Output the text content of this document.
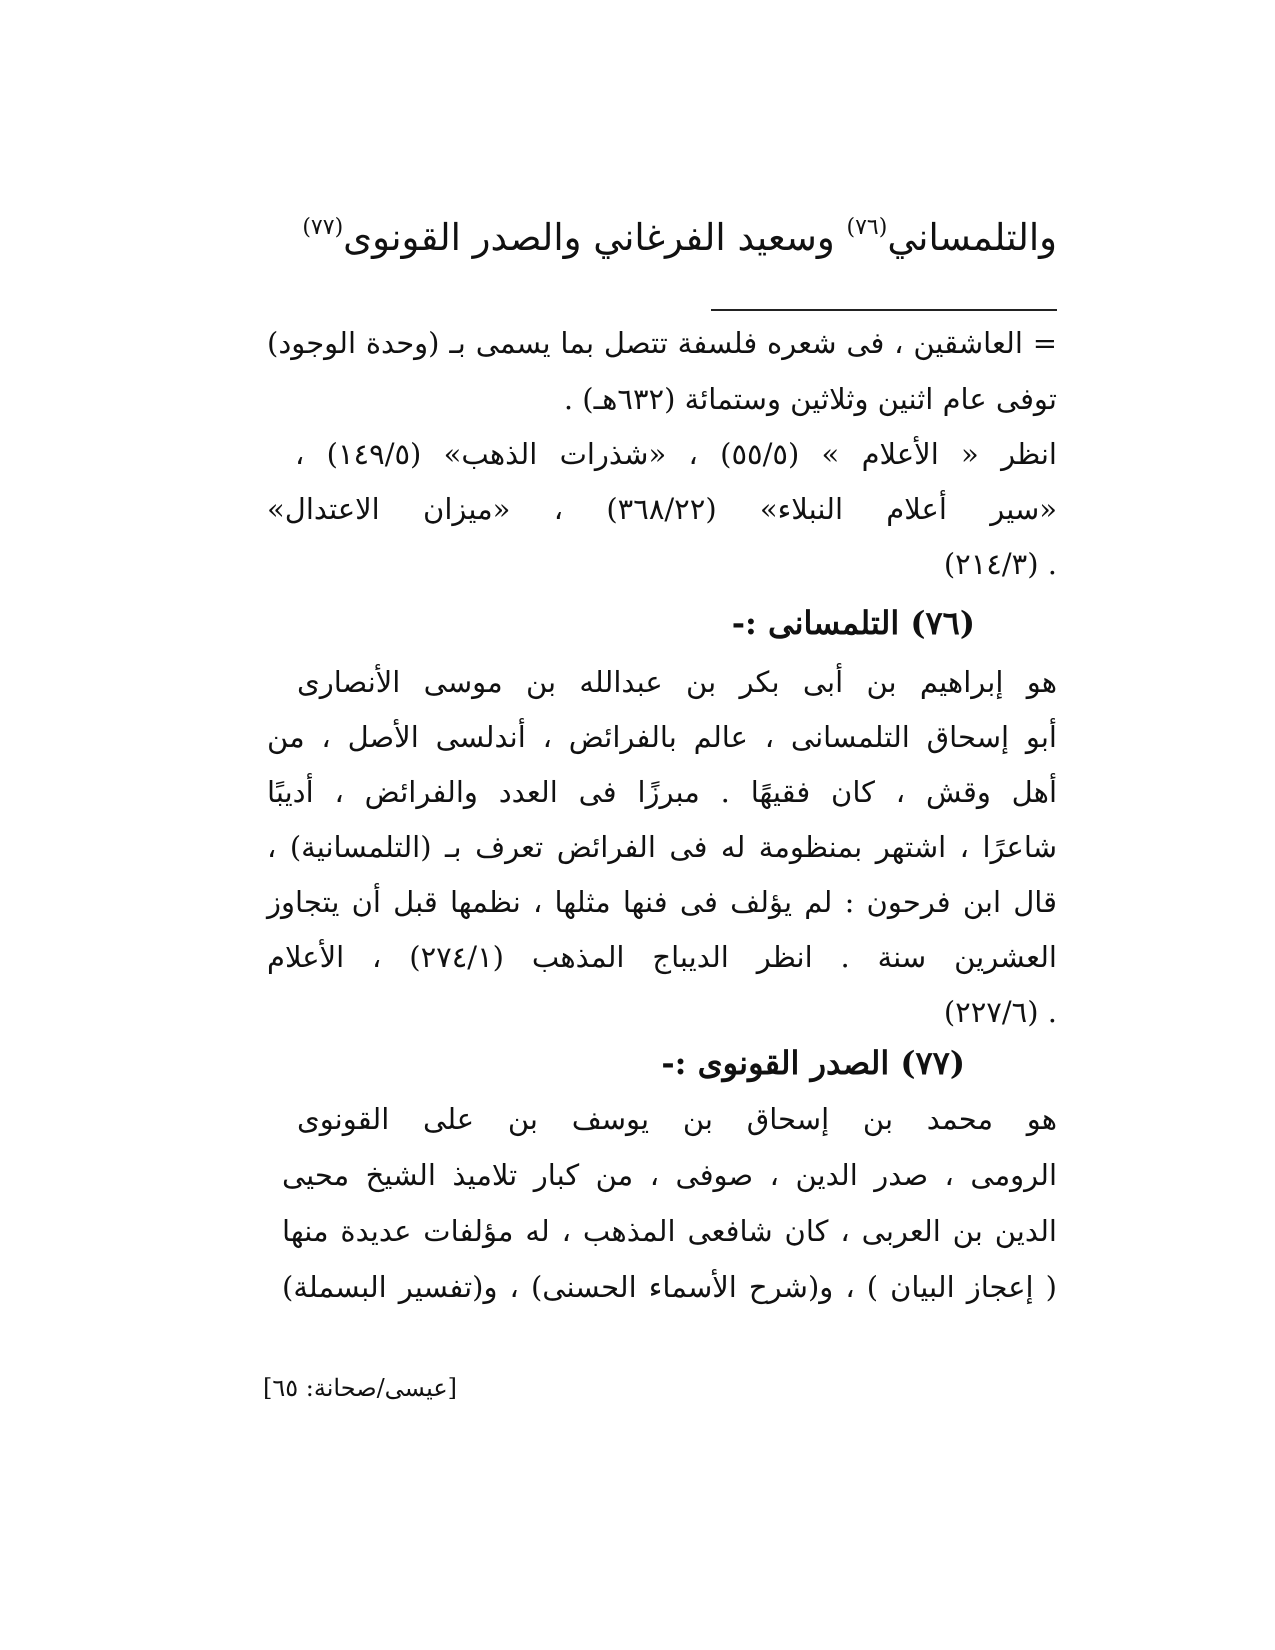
والتلمساني$^{(٧٦)}$ وسعيد الفرغاني والصدر القونوى$^{(٧٧)}$
= العاشقين ، فى شعره فلسفة تتصل بما يسمى بـ (وحدة الوجود)
توفى عام اثنين وثلاثين وستمائة (٦٣٢هـ) .
انظر « الأعلام » (٥٥/٥) ، «شذرات الذهب» (١٤٩/٥) ،
«سير أعلام النبلاء» (٣٦٨/٢٢) ، «ميزان الاعتدال»
. (٢١٤/٣)
(٧٦) التلمسانى :-
هو إبراهيم بن أبى بكر بن عبدالله بن موسى الأنصارى
أبو إسحاق التلمسانى ، عالم بالفرائض ، أندلسى الأصل ، من
أهل وقش ، كان فقيهًا . مبرزًا فى العدد والفرائض ، أديبًا
شاعرًا ، اشتهر بمنظومة له فى الفرائض تعرف بـ (التلمسانية) ،
قال ابن فرحون : لم يؤلف فى فنها مثلها ، نظمها قبل أن يتجاوز
العشرين سنة . انظر الديباج المذهب (٢٧٤/١) ، الأعلام
. (٢٢٧/٦)
(٧٧) الصدر القونوى :-
هو محمد بن إسحاق بن يوسف بن على القونوى
الرومى ، صدر الدين ، صوفى ، من كبار تلاميذ الشيخ محيى
الدين بن العربى ، كان شافعى المذهب ، له مؤلفات عديدة منها
( إعجاز البيان ) ، و(شرح الأسماء الحسنى) ، و(تفسير البسملة)
[عيسى/صحانة: ٦٥]
